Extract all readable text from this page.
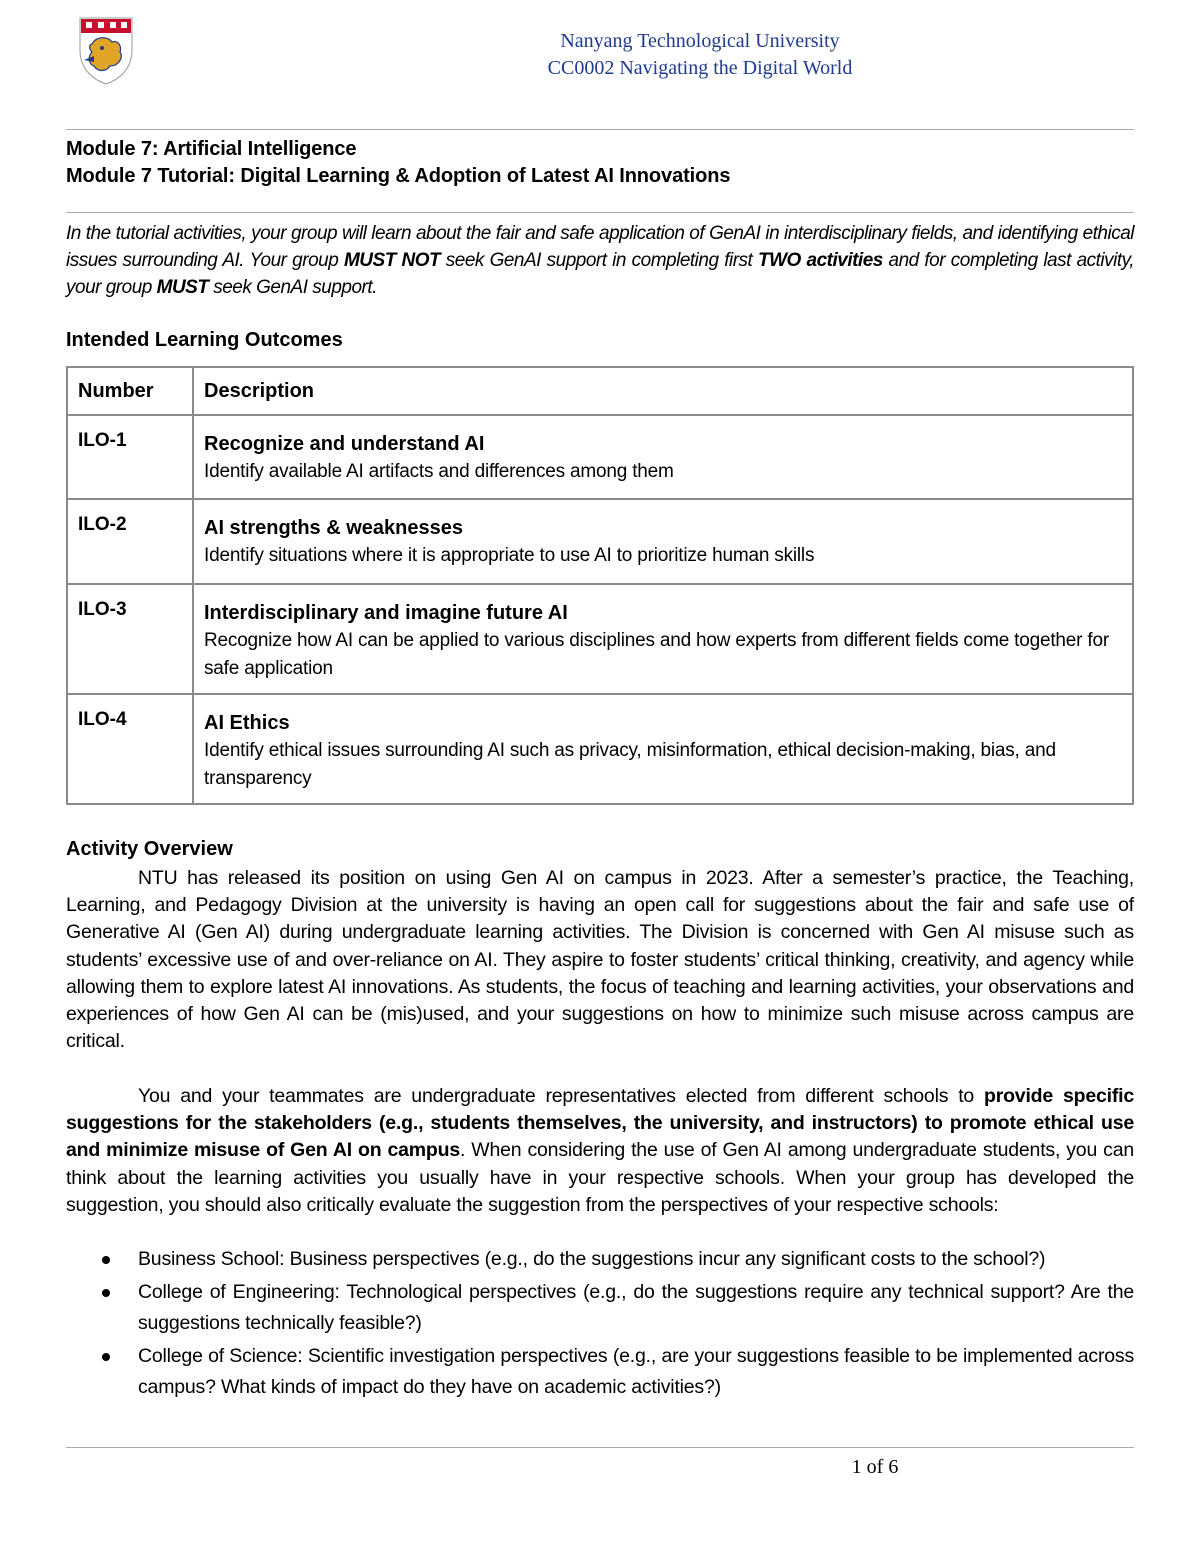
Nanyang Technological University
CC0002 Navigating the Digital World
Module 7: Artificial Intelligence
Module 7 Tutorial: Digital Learning & Adoption of Latest AI Innovations
In the tutorial activities, your group will learn about the fair and safe application of GenAI in interdisciplinary fields, and identifying ethical issues surrounding AI. Your group MUST NOT seek GenAI support in completing first TWO activities and for completing last activity, your group MUST seek GenAI support.
Intended Learning Outcomes
Number	Description
ILO-1	Recognize and understand AI
Identify available AI artifacts and differences among them

ILO-2	AI strengths & weaknesses
Identify situations where it is appropriate to use AI to prioritize human skills

ILO-3	Interdisciplinary and imagine future AI
Recognize how AI can be applied to various disciplines and how experts from different fields come together for safe application

ILO-4	AI Ethics
Identify ethical issues surrounding AI such as privacy, misinformation, ethical decision-making, bias, and transparency
Activity Overview
NTU has released its position on using Gen AI on campus in 2023. After a semester’s practice, the Teaching, Learning, and Pedagogy Division at the university is having an open call for suggestions about the fair and safe use of Generative AI (Gen AI) during undergraduate learning activities. The Division is concerned with Gen AI misuse such as students’ excessive use of and over-reliance on AI. They aspire to foster students’ critical thinking, creativity, and agency while allowing them to explore latest AI innovations. As students, the focus of teaching and learning activities, your observations and experiences of how Gen AI can be (mis)used, and your suggestions on how to minimize such misuse across campus are critical.
You and your teammates are undergraduate representatives elected from different schools to provide specific suggestions for the stakeholders (e.g., students themselves, the university, and instructors) to promote ethical use and minimize misuse of Gen AI on campus. When considering the use of Gen AI among undergraduate students, you can think about the learning activities you usually have in your respective schools. When your group has developed the suggestion, you should also critically evaluate the suggestion from the perspectives of your respective schools:
Business School: Business perspectives (e.g., do the suggestions incur any significant costs to the school?)
College of Engineering: Technological perspectives (e.g., do the suggestions require any technical support? Are the suggestions technically feasible?)
College of Science: Scientific investigation perspectives (e.g., are your suggestions feasible to be implemented across campus? What kinds of impact do they have on academic activities?)
1 of 6
